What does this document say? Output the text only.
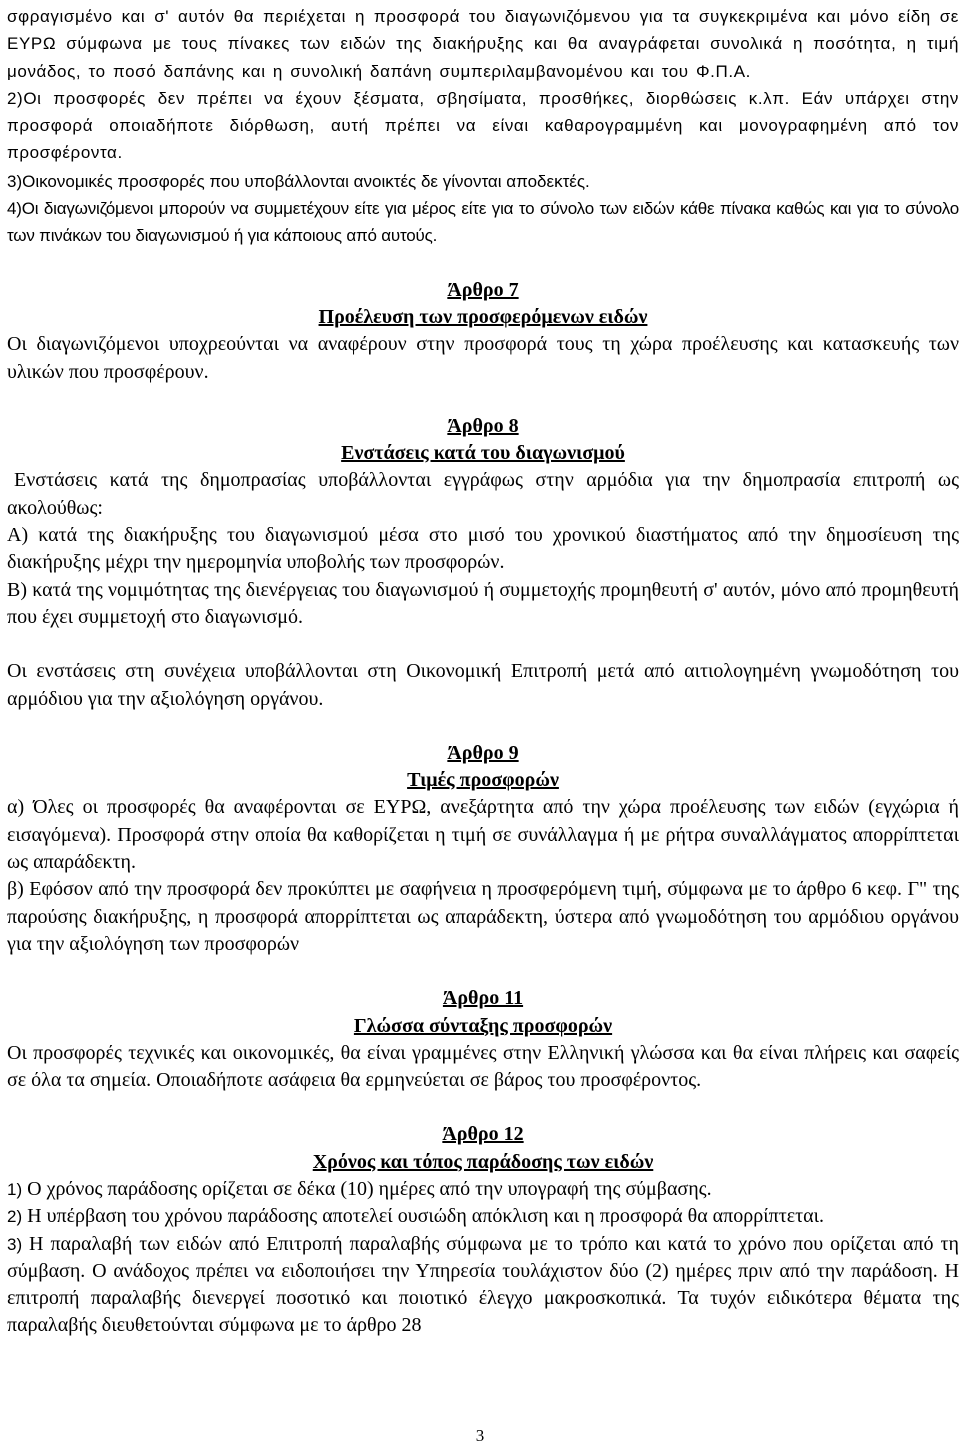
σφραγισμένο και σ' αυτόν θα περιέχεται η προσφορά του διαγωνιζόμενου για τα συγκεκριμένα και μόνο είδη σε ΕΥΡΩ σύμφωνα με τους πίνακες των ειδών της διακήρυξης και θα αναγράφεται συνολικά η ποσότητα, η τιμή μονάδος, το ποσό δαπάνης και η συνολική δαπάνη συμπεριλαμβανομένου και του Φ.Π.Α.

2)Οι προσφορές δεν πρέπει να έχουν ξέσματα, σβησίματα, προσθήκες, διορθώσεις κ.λπ. Εάν υπάρχει στην προσφορά οποιαδήποτε διόρθωση, αυτή πρέπει να είναι καθαρογραμμένη και μονογραφημένη από τον προσφέροντα.

3)Οικονομικές προσφορές που υποβάλλονται ανοικτές δε γίνονται αποδεκτές.

4)Οι διαγωνιζόμενοι μπορούν να συμμετέχουν είτε για μέρος είτε για το σύνολο των ειδών κάθε πίνακα καθώς και για το σύνολο των πινάκων του διαγωνισμού ή για κάποιους από αυτούς.

Άρθρο 7

Προέλευση των προσφερόμενων ειδών

Οι διαγωνιζόμενοι υποχρεούνται να αναφέρουν στην προσφορά τους τη χώρα προέλευσης και κατασκευής των υλικών που προσφέρουν.

Άρθρο 8

Ενστάσεις κατά του διαγωνισμού

Ενστάσεις κατά της δημοπρασίας υποβάλλονται εγγράφως στην αρμόδια για την δημοπρασία επιτροπή ως ακολούθως:

Α) κατά της διακήρυξης του διαγωνισμού μέσα στο μισό του χρονικού διαστήματος από την δημοσίευση της διακήρυξης μέχρι την ημερομηνία υποβολής των προσφορών.

Β) κατά της νομιμότητας της διενέργειας του διαγωνισμού ή συμμετοχής προμηθευτή σ' αυτόν, μόνο από προμηθευτή που έχει συμμετοχή στο διαγωνισμό.

Οι ενστάσεις στη συνέχεια υποβάλλονται στη Οικονομική Επιτροπή μετά από αιτιολογημένη γνωμοδότηση του αρμόδιου για την αξιολόγηση οργάνου.

Άρθρο 9

Τιμές προσφορών

α) Όλες οι προσφορές θα αναφέρονται σε ΕΥΡΩ, ανεξάρτητα από την χώρα προέλευσης των ειδών (εγχώρια ή εισαγόμενα). Προσφορά στην οποία θα καθορίζεται η τιμή σε συνάλλαγμα ή με ρήτρα συναλλάγματος απορρίπτεται ως απαράδεκτη.

β) Εφόσον από την προσφορά δεν προκύπτει με σαφήνεια η προσφερόμενη τιμή, σύμφωνα με το άρθρο 6 κεφ. Γ" της παρούσης διακήρυξης, η προσφορά απορρίπτεται ως απαράδεκτη, ύστερα από γνωμοδότηση του αρμόδιου οργάνου για την αξιολόγηση των προσφορών

Άρθρο 11

Γλώσσα σύνταξης προσφορών

Οι προσφορές τεχνικές και οικονομικές, θα είναι γραμμένες στην Ελληνική γλώσσα και θα είναι πλήρεις και σαφείς σε όλα τα σημεία. Οποιαδήποτε ασάφεια θα ερμηνεύεται σε βάρος του προσφέροντος.

Άρθρο 12

Χρόνος και τόπος παράδοσης των ειδών

1) Ο χρόνος παράδοσης ορίζεται σε δέκα (10) ημέρες από την υπογραφή της σύμβασης.

2) Η υπέρβαση του χρόνου παράδοσης αποτελεί ουσιώδη απόκλιση και η προσφορά θα απορρίπτεται.

3) Η παραλαβή των ειδών από Επιτροπή παραλαβής σύμφωνα με το τρόπο και κατά το χρόνο που ορίζεται από τη σύμβαση. Ο ανάδοχος πρέπει να ειδοποιήσει την Υπηρεσία τουλάχιστον δύο (2) ημέρες πριν από την παράδοση. Η επιτροπή παραλαβής διενεργεί ποσοτικό και ποιοτικό έλεγχο μακροσκοπικά. Τα τυχόν ειδικότερα θέματα της παραλαβής διευθετούνται σύμφωνα με το άρθρο 28

3
